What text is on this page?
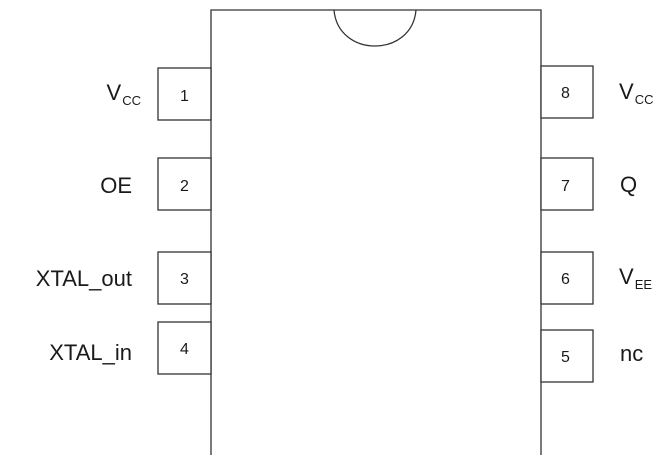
1
2
3
4
8
7
6
5
$V_{CC}$
OE
XTAL_out
XTAL_in
$V_{CC}$
Q
$V_{EE}$
nc
